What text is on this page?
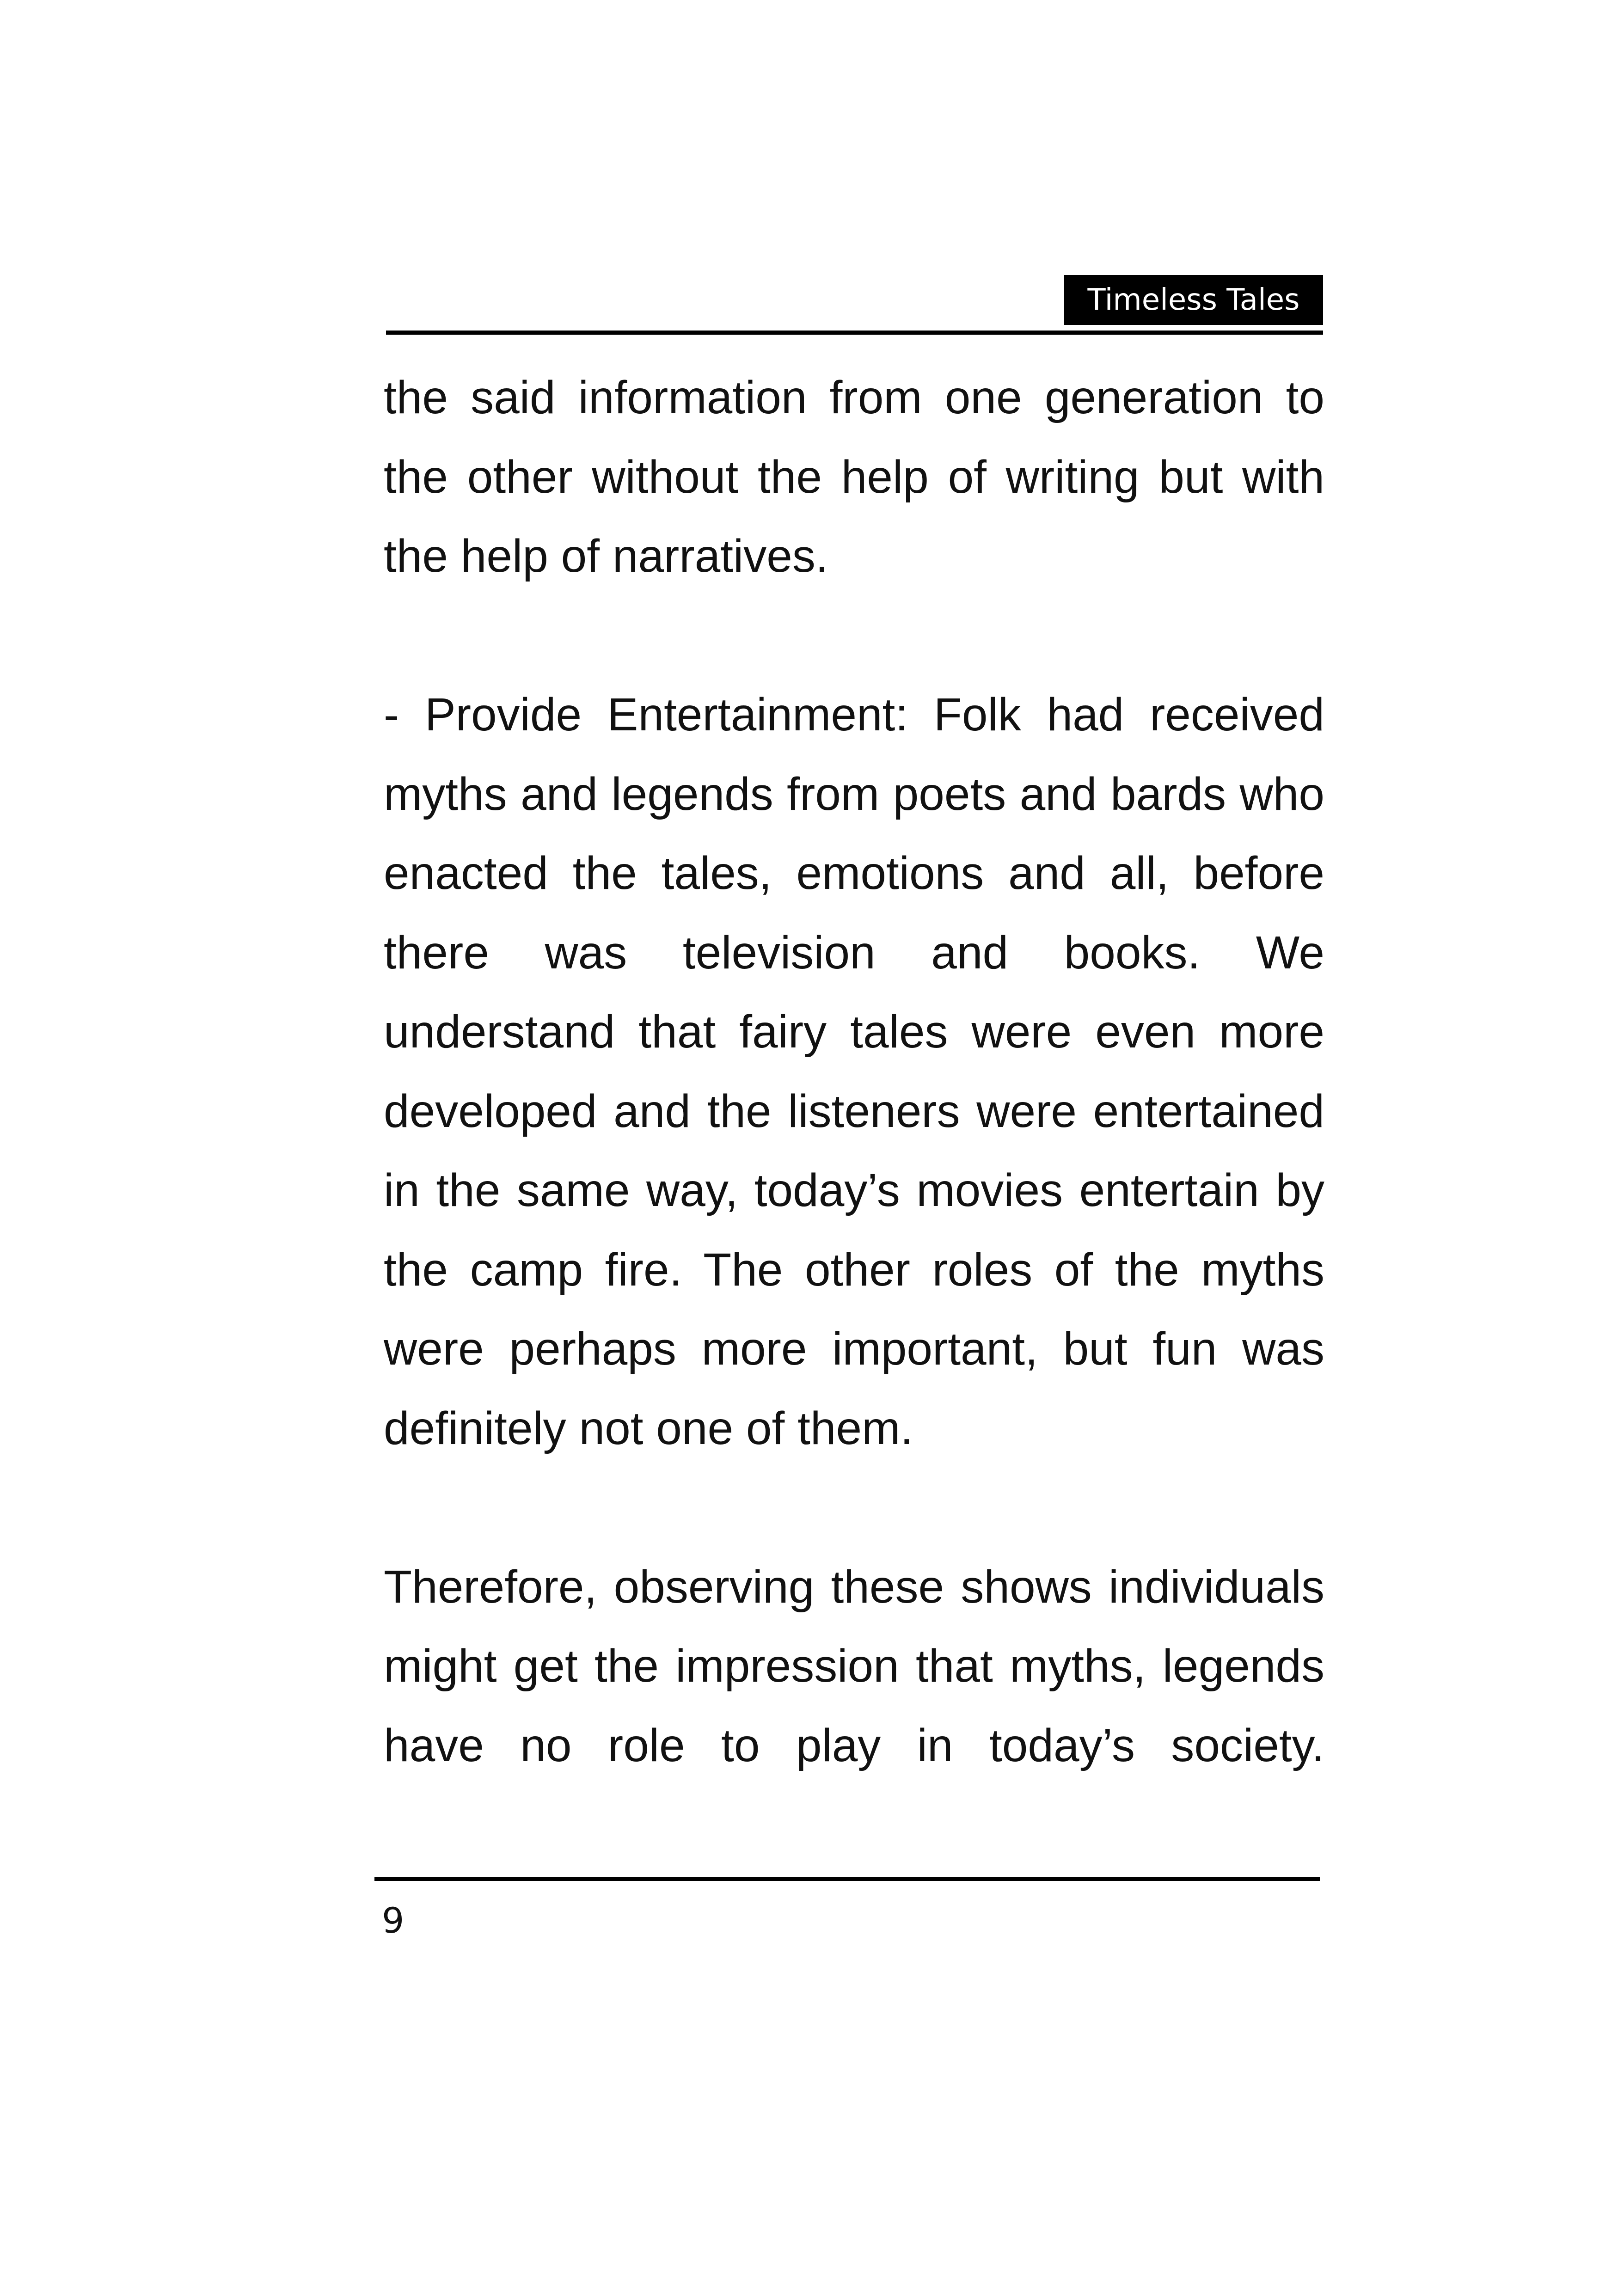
Timeless Tales
the said information from one generation to
the other without the help of writing but with
the help of narratives.
- Provide Entertainment: Folk had received
myths and legends from poets and bards who
enacted the tales, emotions and all, before
there was television and books. We
understand that fairy tales were even more
developed and the listeners were entertained
in the same way, today’s movies entertain by
the camp fire. The other roles of the myths
were perhaps more important, but fun was
definitely not one of them.
Therefore, observing these shows individuals
might get the impression that myths, legends
have no role to play in today’s society.
9
